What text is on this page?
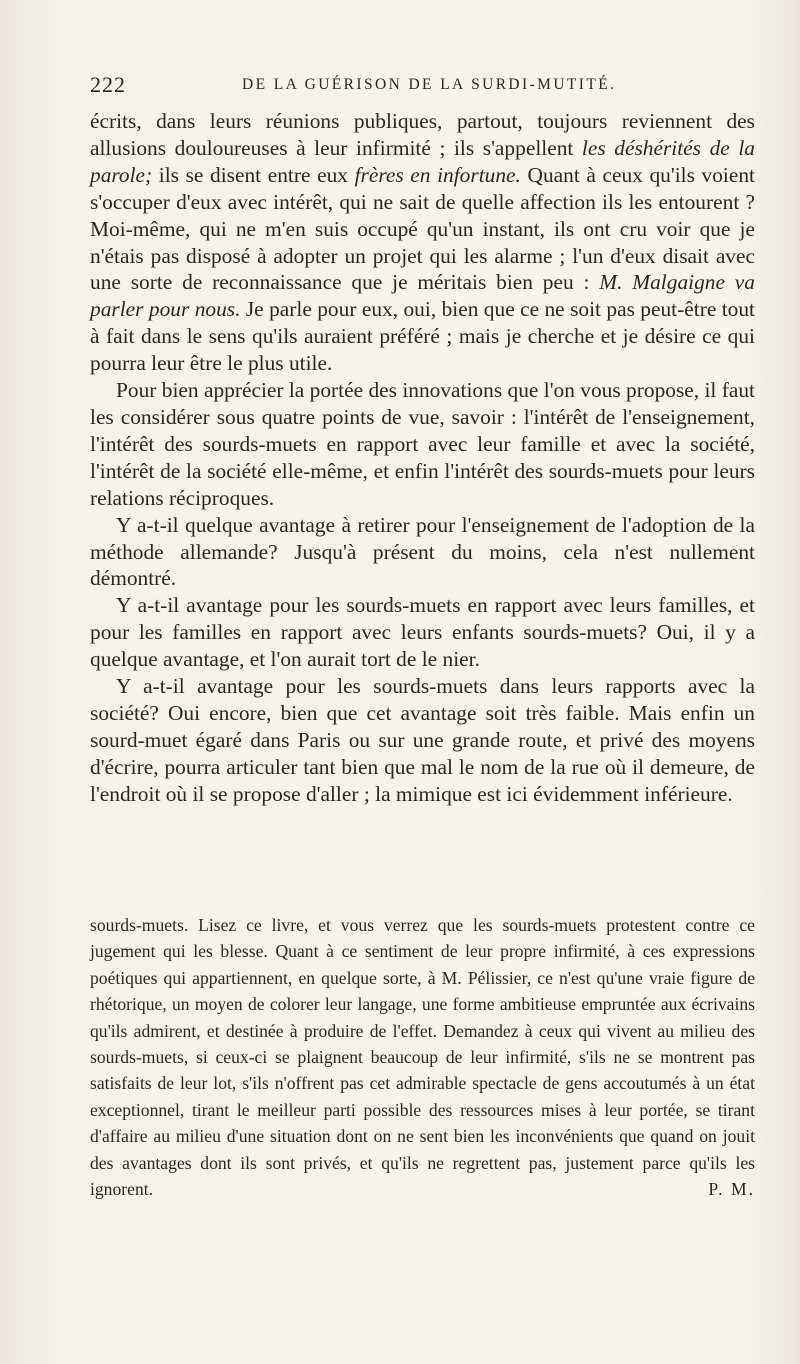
222	DE LA GUÉRISON DE LA SURDI-MUTITÉ.

écrits, dans leurs réunions publiques, partout, toujours reviennent des allusions douloureuses à leur infirmité ; ils s'appellent les déshérités de la parole; ils se disent entre eux frères en infortune. Quant à ceux qu'ils voient s'occuper d'eux avec intérêt, qui ne sait de quelle affection ils les entourent ? Moi-même, qui ne m'en suis occupé qu'un instant, ils ont cru voir que je n'étais pas disposé à adopter un projet qui les alarme ; l'un d'eux disait avec une sorte de reconnaissance que je méritais bien peu : M. Malgaigne va parler pour nous. Je parle pour eux, oui, bien que ce ne soit pas peut-être tout à fait dans le sens qu'ils auraient préféré ; mais je cherche et je désire ce qui pourra leur être le plus utile.

Pour bien apprécier la portée des innovations que l'on vous propose, il faut les considérer sous quatre points de vue, savoir : l'intérêt de l'enseignement, l'intérêt des sourds-muets en rapport avec leur famille et avec la société, l'intérêt de la société elle-même, et enfin l'intérêt des sourds-muets pour leurs relations réciproques.

Y a-t-il quelque avantage à retirer pour l'enseignement de l'adoption de la méthode allemande? Jusqu'à présent du moins, cela n'est nullement démontré.

Y a-t-il avantage pour les sourds-muets en rapport avec leurs familles, et pour les familles en rapport avec leurs enfants sourds-muets? Oui, il y a quelque avantage, et l'on aurait tort de le nier.

Y a-t-il avantage pour les sourds-muets dans leurs rapports avec la société? Oui encore, bien que cet avantage soit très faible. Mais enfin un sourd-muet égaré dans Paris ou sur une grande route, et privé des moyens d'écrire, pourra articuler tant bien que mal le nom de la rue où il demeure, de l'endroit où il se propose d'aller ; la mimique est ici évidemment inférieure.

sourds-muets. Lisez ce livre, et vous verrez que les sourds-muets protestent contre ce jugement qui les blesse. Quant à ce sentiment de leur propre infirmité, à ces expressions poétiques qui appartiennent, en quelque sorte, à M. Pélissier, ce n'est qu'une vraie figure de rhétorique, un moyen de colorer leur langage, une forme ambitieuse empruntée aux écrivains qu'ils admirent, et destinée à produire de l'effet. Demandez à ceux qui vivent au milieu des sourds-muets, si ceux-ci se plaignent beaucoup de leur infirmité, s'ils ne se montrent pas satisfaits de leur lot, s'ils n'offrent pas cet admirable spectacle de gens accoutumés à un état exceptionnel, tirant le meilleur parti possible des ressources mises à leur portée, se tirant d'affaire au milieu d'une situation dont on ne sent bien les inconvénients que quand on jouit des avantages dont ils sont privés, et qu'ils ne regrettent pas, justement parce qu'ils les ignorent.	P. M.
